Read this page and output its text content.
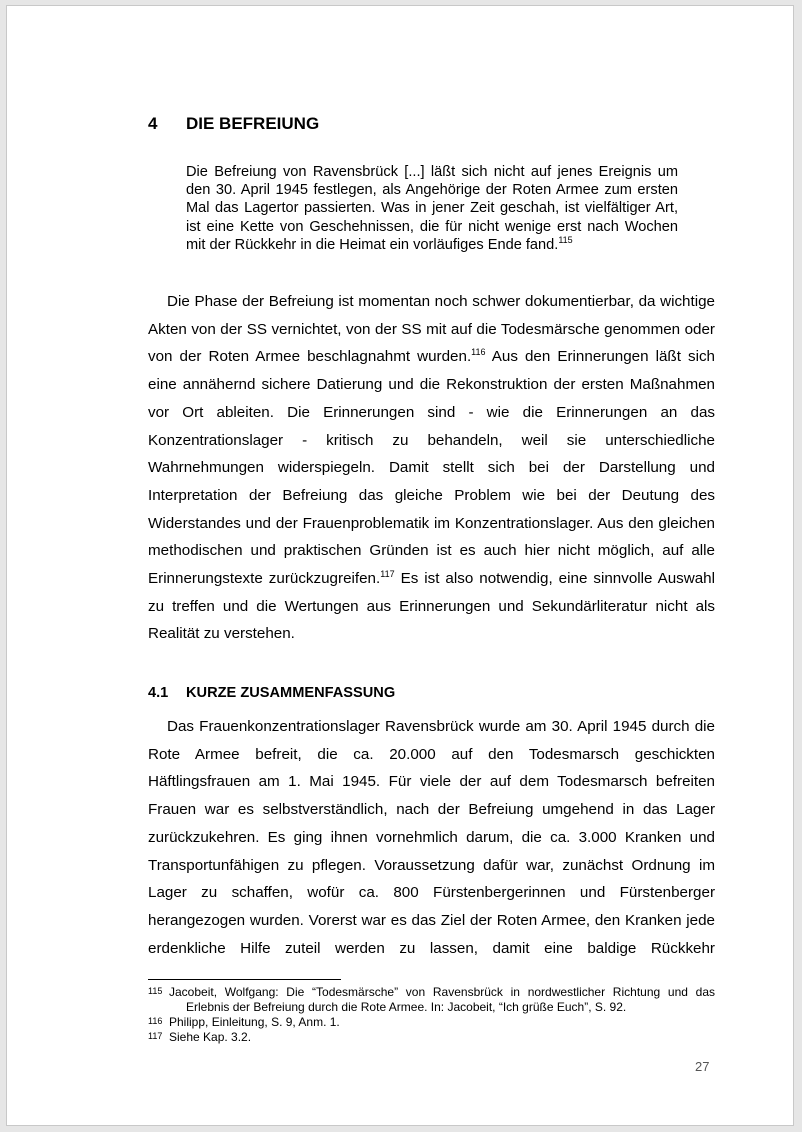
4 DIE BEFREIUNG
Die Befreiung von Ravensbrück [...] läßt sich nicht auf jenes Ereignis um den 30. April 1945 festlegen, als Angehörige der Roten Armee zum ersten Mal das Lagertor passierten. Was in jener Zeit geschah, ist vielfältiger Art, ist eine Kette von Geschehnissen, die für nicht wenige erst nach Wochen mit der Rückkehr in die Heimat ein vorläufiges Ende fand.$^{115}$
Die Phase der Befreiung ist momentan noch schwer dokumentierbar, da wichtige Akten von der SS vernichtet, von der SS mit auf die Todesmärsche genommen oder von der Roten Armee beschlagnahmt wurden.$^{116}$ Aus den Erinnerungen läßt sich eine annähernd sichere Datierung und die Rekonstruktion der ersten Maßnahmen vor Ort ableiten. Die Erinnerungen sind - wie die Erinnerungen an das Konzentrationslager - kritisch zu behandeln, weil sie unterschiedliche Wahrnehmungen widerspiegeln. Damit stellt sich bei der Darstellung und Interpretation der Befreiung das gleiche Problem wie bei der Deutung des Widerstandes und der Frauenproblematik im Konzentrationslager. Aus den gleichen methodischen und praktischen Gründen ist es auch hier nicht möglich, auf alle Erinnerungstexte zurückzugreifen.$^{117}$ Es ist also notwendig, eine sinnvolle Auswahl zu treffen und die Wertungen aus Erinnerungen und Sekundärliteratur nicht als Realität zu verstehen.
4.1 KURZE ZUSAMMENFASSUNG
Das Frauenkonzentrationslager Ravensbrück wurde am 30. April 1945 durch die Rote Armee befreit, die ca. 20.000 auf den Todesmarsch geschickten Häftlingsfrauen am 1. Mai 1945. Für viele der auf dem Todesmarsch befreiten Frauen war es selbstverständlich, nach der Befreiung umgehend in das Lager zurückzukehren. Es ging ihnen vornehmlich darum, die ca. 3.000 Kranken und Transportunfähigen zu pflegen. Voraussetzung dafür war, zunächst Ordnung im Lager zu schaffen, wofür ca. 800 Fürstenbergerinnen und Fürstenberger herangezogen wurden. Vorerst war es das Ziel der Roten Armee, den Kranken jede erdenkliche Hilfe zuteil werden zu lassen, damit eine baldige Rückkehr
115 Jacobeit, Wolfgang: Die “Todesmärsche” von Ravensbrück in nordwestlicher Richtung und das Erlebnis der Befreiung durch die Rote Armee. In: Jacobeit, “Ich grüße Euch”, S. 92.
116 Philipp, Einleitung, S. 9, Anm. 1.
117 Siehe Kap. 3.2.
27
